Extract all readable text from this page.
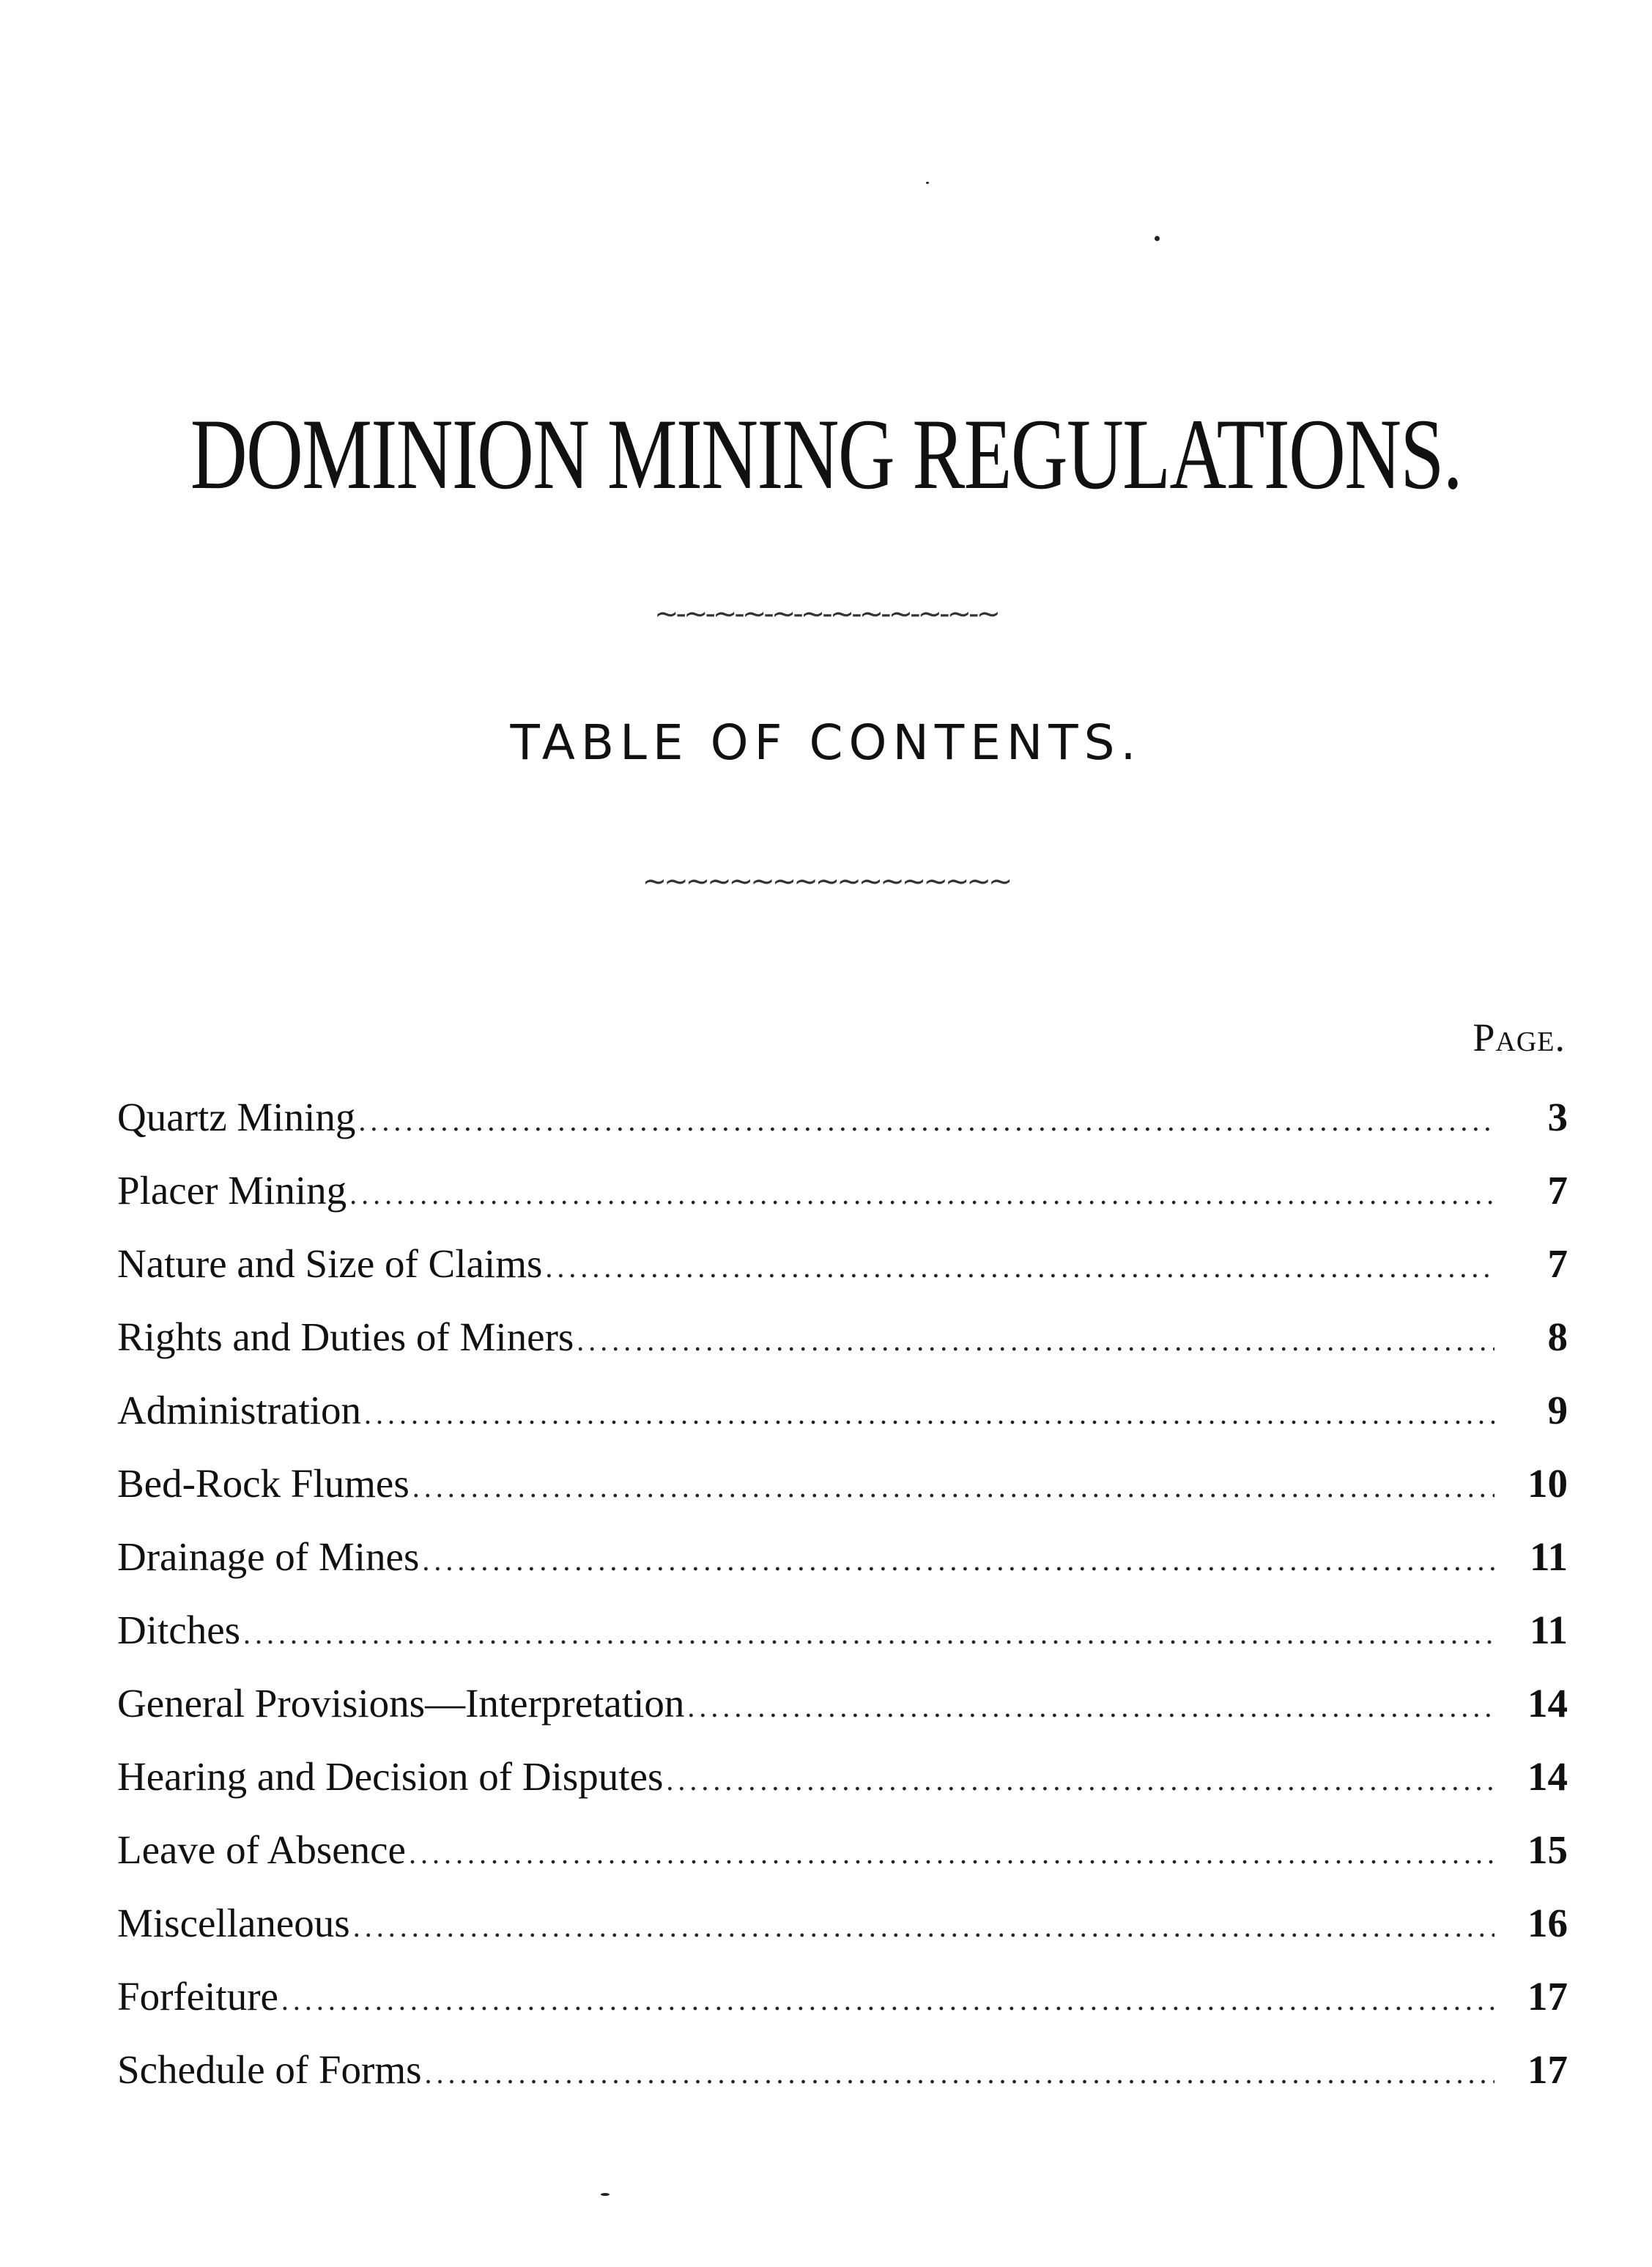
DOMINION MINING REGULATIONS.
~-~-~-~-~-~-~-~-~-~-~-~
TABLE OF CONTENTS.
~~~~~~~~~~~~~~~~~
Page.
Quartz Mining .....	3
Placer Mining .....	7
Nature and Size of Claims .....	7
Rights and Duties of Miners .....	8
Administration .....	9
Bed-Rock Flumes .....	10
Drainage of Mines .....	11
Ditches .....	11
General Provisions—Interpretation .....	14
Hearing and Decision of Disputes .....	14
Leave of Absence .....	15
Miscellaneous .....	16
Forfeiture .....	17
Schedule of Forms .....	17
